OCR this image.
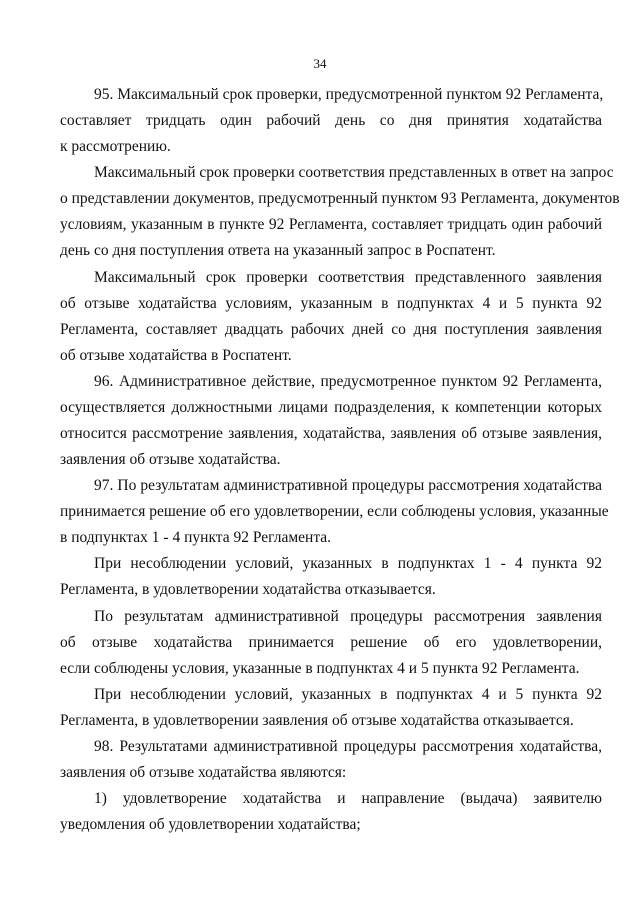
34
95. Максимальный срок проверки, предусмотренной пунктом 92 Регламента,
составляет тридцать один рабочий день со дня принятия ходатайства
к рассмотрению.
Максимальный срок проверки соответствия представленных в ответ на запрос
о представлении документов, предусмотренный пунктом 93 Регламента, документов
условиям, указанным в пункте 92 Регламента, составляет тридцать один рабочий
день со дня поступления ответа на указанный запрос в Роспатент.
Максимальный срок проверки соответствия представленного заявления
об отзыве ходатайства условиям, указанным в подпунктах 4 и 5 пункта 92
Регламента, составляет двадцать рабочих дней со дня поступления заявления
об отзыве ходатайства в Роспатент.
96. Административное действие, предусмотренное пунктом 92 Регламента,
осуществляется должностными лицами подразделения, к компетенции которых
относится рассмотрение заявления, ходатайства, заявления об отзыве заявления,
заявления об отзыве ходатайства.
97. По результатам административной процедуры рассмотрения ходатайства
принимается решение об его удовлетворении, если соблюдены условия, указанные
в подпунктах 1 - 4 пункта 92 Регламента.
При несоблюдении условий, указанных в подпунктах 1 - 4 пункта 92
Регламента, в удовлетворении ходатайства отказывается.
По результатам административной процедуры рассмотрения заявления
об отзыве ходатайства принимается решение об его удовлетворении,
если соблюдены условия, указанные в подпунктах 4 и 5 пункта 92 Регламента.
При несоблюдении условий, указанных в подпунктах 4 и 5 пункта 92
Регламента, в удовлетворении заявления об отзыве ходатайства отказывается.
98. Результатами административной процедуры рассмотрения ходатайства,
заявления об отзыве ходатайства являются:
1) удовлетворение ходатайства и направление (выдача) заявителю
уведомления об удовлетворении ходатайства;
